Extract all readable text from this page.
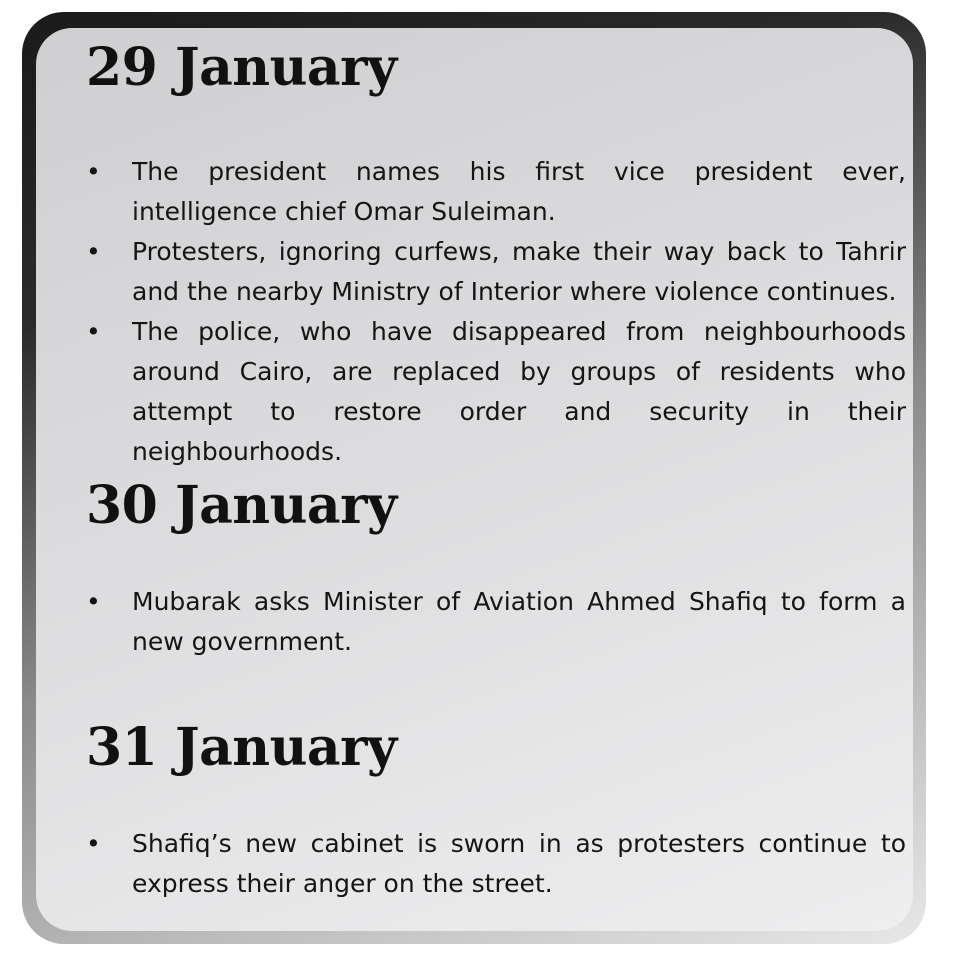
29 January
• The president names his first vice president ever, intelligence chief Omar Suleiman.
• Protesters, ignoring curfews, make their way back to Tahrir and the nearby Ministry of Interior where violence continues.
• The police, who have disappeared from neighbourhoods around Cairo, are replaced by groups of residents who attempt to restore order and security in their neighbourhoods.
30 January
• Mubarak asks Minister of Aviation Ahmed Shafiq to form a new government.
31 January
• Shafiq’s new cabinet is sworn in as protesters continue to express their anger on the street.
